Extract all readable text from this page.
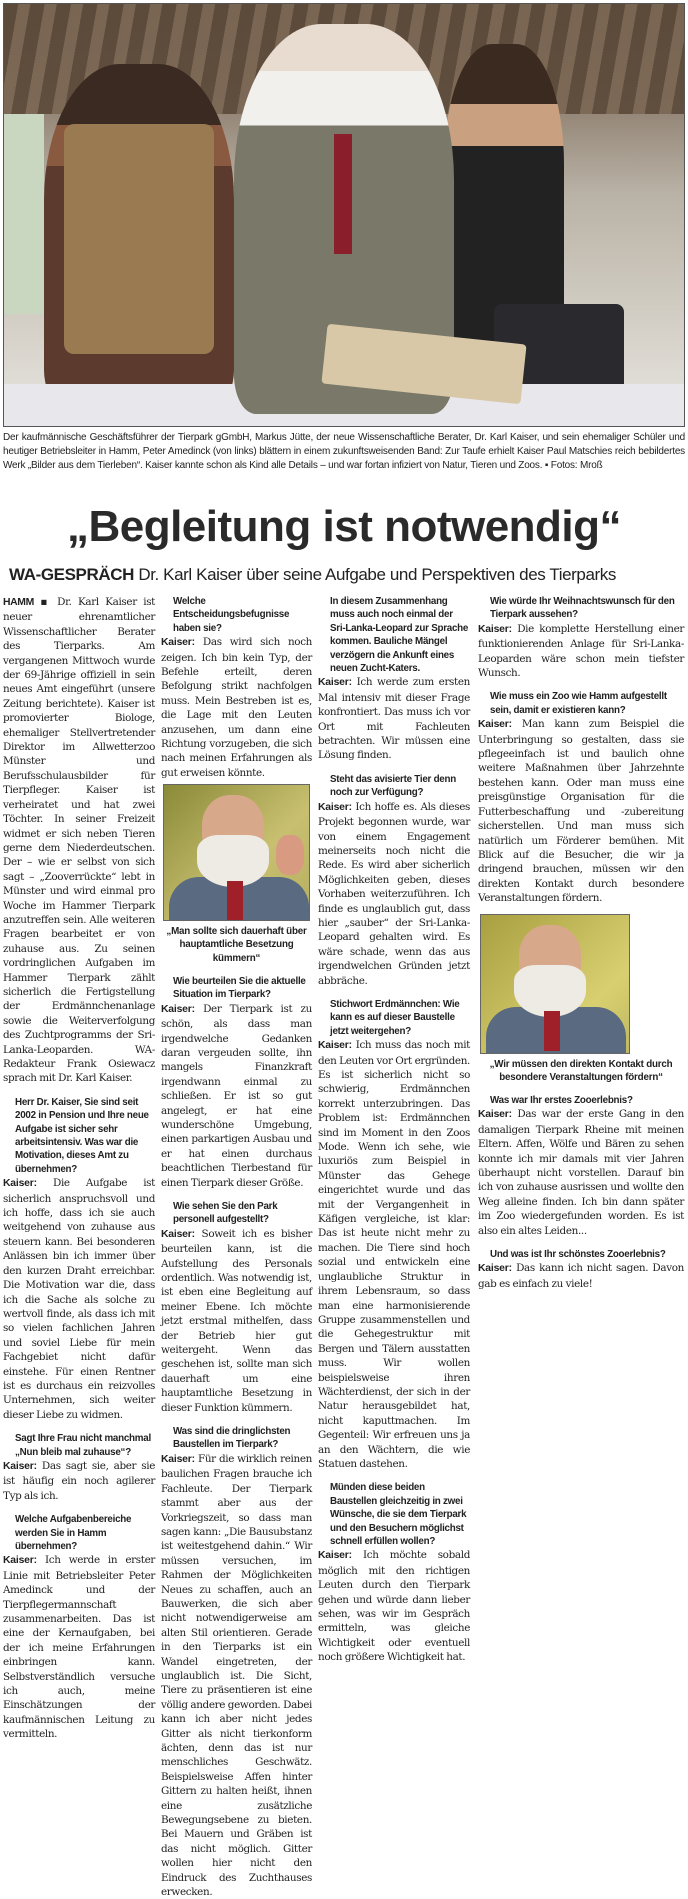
Der kaufmännische Geschäftsführer der Tierpark gGmbH, Markus Jütte, der neue Wissenschaftliche Berater, Dr. Karl Kaiser, und sein ehemaliger Schüler und heutiger Betriebsleiter in Hamm, Peter Amedinck (von links) blättern in einem zukunftsweisenden Band: Zur Taufe erhielt Kaiser Paul Matschies reich bebildertes Werk „Bilder aus dem Tierleben“. Kaiser kannte schon als Kind alle Details – und war fortan infiziert von Natur, Tieren und Zoos. ▪ Fotos: Mroß
„Begleitung ist notwendig“
WA-GESPRÄCH Dr. Karl Kaiser über seine Aufgabe und Perspektiven des Tierparks

HAMM ▪ Dr. Karl Kaiser ist neuer ehrenamtlicher Wissenschaftlicher Berater des Tierparks. Am vergangenen Mittwoch wurde der 69-Jährige offiziell in sein neues Amt eingeführt (unsere Zeitung berichtete). Kaiser ist promovierter Biologe, ehemaliger Stellvertretender Direktor im Allwetterzoo Münster und Berufsschulausbilder für Tierpfleger. Kaiser ist verheiratet und hat zwei Töchter. In seiner Freizeit widmet er sich neben Tieren gerne dem Niederdeutschen. Der – wie er selbst von sich sagt – „Zooverrückte“ lebt in Münster und wird einmal pro Woche im Hammer Tierpark anzutreffen sein. Alle weiteren Fragen bearbeitet er von zuhause aus. Zu seinen vordringlichen Aufgaben im Hammer Tierpark zählt sicherlich die Fertigstellung der Erdmännchenanlage sowie die Weiterverfolgung des Zuchtprogramms der Sri-Lanka-Leoparden. WA-Redakteur Frank Osiewacz sprach mit Dr. Karl Kaiser.

Herr Dr. Kaiser, Sie sind seit 2002 in Pension und Ihre neue Aufgabe ist sicher sehr arbeitsintensiv. Was war die Motivation, dieses Amt zu übernehmen?

Kaiser: Die Aufgabe ist sicherlich anspruchsvoll und ich hoffe, dass ich sie auch weitgehend von zuhause aus steuern kann. Bei besonderen Anlässen bin ich immer über den kurzen Draht erreichbar. Die Motivation war die, dass ich die Sache als solche zu wertvoll finde, als dass ich mit so vielen fachlichen Jahren und soviel Liebe für mein Fachgebiet nicht dafür einstehe. Für einen Rentner ist es durchaus ein reizvolles Unternehmen, sich weiter dieser Liebe zu widmen.

Sagt Ihre Frau nicht manchmal „Nun bleib mal zuhause“?

Kaiser: Das sagt sie, aber sie ist häufig ein noch agilerer Typ als ich.

Welche Aufgabenbereiche werden Sie in Hamm übernehmen?

Kaiser: Ich werde in erster Linie mit Betriebsleiter Peter Amedinck und der Tierpflegermannschaft zusammenarbeiten. Das ist eine der Kernaufgaben, bei der ich meine Erfahrungen einbringen kann. Selbstverständlich versuche ich auch, meine Einschätzungen der kaufmännischen Leitung zu vermitteln.

Welche Entscheidungsbefugnisse haben sie?

Kaiser: Das wird sich noch zeigen. Ich bin kein Typ, der Befehle erteilt, deren Befolgung strikt nachfolgen muss. Mein Bestreben ist es, die Lage mit den Leuten anzusehen, um dann eine Richtung vorzugeben, die sich nach meinen Erfahrungen als gut erweisen könnte.

„Man sollte sich dauerhaft über hauptamtliche Besetzung kümmern“

Wie beurteilen Sie die aktuelle Situation im Tierpark?

Kaiser: Der Tierpark ist zu schön, als dass man irgendwelche Gedanken daran vergeuden sollte, ihn mangels Finanzkraft irgendwann einmal zu schließen. Er ist so gut angelegt, er hat eine wunderschöne Umgebung, einen parkartigen Ausbau und er hat einen durchaus beachtlichen Tierbestand für einen Tierpark dieser Größe.

Wie sehen Sie den Park personell aufgestellt?

Kaiser: Soweit ich es bisher beurteilen kann, ist die Aufstellung des Personals ordentlich. Was notwendig ist, ist eben eine Begleitung auf meiner Ebene. Ich möchte jetzt erstmal mithelfen, dass der Betrieb hier gut weitergeht. Wenn das geschehen ist, sollte man sich dauerhaft um eine hauptamtliche Besetzung in dieser Funktion kümmern.

Was sind die dringlichsten Baustellen im Tierpark?

Kaiser: Für die wirklich reinen baulichen Fragen brauche ich Fachleute. Der Tierpark stammt aber aus der Vorkriegszeit, so dass man sagen kann: „Die Bausubstanz ist weitestgehend dahin.“ Wir müssen versuchen, im Rahmen der Möglichkeiten Neues zu schaffen, auch an Bauwerken, die sich aber nicht notwendigerweise am alten Stil orientieren. Gerade in den Tierparks ist ein Wandel eingetreten, der unglaublich ist. Die Sicht, Tiere zu präsentieren ist eine völlig andere geworden. Dabei kann ich aber nicht jedes Gitter als nicht tierkonform ächten, denn das ist nur menschliches Geschwätz. Beispielsweise Affen hinter Gittern zu halten heißt, ihnen eine zusätzliche Bewegungsebene zu bieten. Bei Mauern und Gräben ist das nicht möglich. Gitter wollen hier nicht den Eindruck des Zuchthauses erwecken.

In diesem Zusammenhang muss auch noch einmal der Sri-Lanka-Leopard zur Sprache kommen. Bauliche Mängel verzögern die Ankunft eines neuen Zucht-Katers.

Kaiser: Ich werde zum ersten Mal intensiv mit dieser Frage konfrontiert. Das muss ich vor Ort mit Fachleuten betrachten. Wir müssen eine Lösung finden.

Steht das avisierte Tier denn noch zur Verfügung?

Kaiser: Ich hoffe es. Als dieses Projekt begonnen wurde, war von einem Engagement meinerseits noch nicht die Rede. Es wird aber sicherlich Möglichkeiten geben, dieses Vorhaben weiterzuführen. Ich finde es unglaublich gut, dass hier „sauber“ der Sri-Lanka-Leopard gehalten wird. Es wäre schade, wenn das aus irgendwelchen Gründen jetzt abbräche.

Stichwort Erdmännchen: Wie kann es auf dieser Baustelle jetzt weitergehen?

Kaiser: Ich muss das noch mit den Leuten vor Ort ergründen. Es ist sicherlich nicht so schwierig, Erdmännchen korrekt unterzubringen. Das Problem ist: Erdmännchen sind im Moment in den Zoos Mode. Wenn ich sehe, wie luxuriös zum Beispiel in Münster das Gehege eingerichtet wurde und das mit der Vergangenheit in Käfigen vergleiche, ist klar: Das ist heute nicht mehr zu machen. Die Tiere sind hoch sozial und entwickeln eine unglaubliche Struktur in ihrem Lebensraum, so dass man eine harmonisierende Gruppe zusammenstellen und die Gehegestruktur mit Bergen und Tälern ausstatten muss. Wir wollen beispielsweise ihren Wächterdienst, der sich in der Natur herausgebildet hat, nicht kaputtmachen. Im Gegenteil: Wir erfreuen uns ja an den Wächtern, die wie Statuen dastehen.

Münden diese beiden Baustellen gleichzeitig in zwei Wünsche, die sie dem Tierpark und den Besuchern möglichst schnell erfüllen wollen?

Kaiser: Ich möchte sobald möglich mit den richtigen Leuten durch den Tierpark gehen und würde dann lieber sehen, was wir im Gespräch ermitteln, was gleiche Wichtigkeit oder eventuell noch größere Wichtigkeit hat.

Wie würde Ihr Weihnachtswunsch für den Tierpark aussehen?

Kaiser: Die komplette Herstellung einer funktionierenden Anlage für Sri-Lanka-Leoparden wäre schon mein tiefster Wunsch.

Wie muss ein Zoo wie Hamm aufgestellt sein, damit er existieren kann?

Kaiser: Man kann zum Beispiel die Unterbringung so gestalten, dass sie pflegeeinfach ist und baulich ohne weitere Maßnahmen über Jahrzehnte bestehen kann. Oder man muss eine preisgünstige Organisation für die Futterbeschaffung und -zubereitung sicherstellen. Und man muss sich natürlich um Förderer bemühen. Mit Blick auf die Besucher, die wir ja dringend brauchen, müssen wir den direkten Kontakt durch besondere Veranstaltungen fördern.

„Wir müssen den direkten Kontakt durch besondere Veranstaltungen fördern“

Was war Ihr erstes Zooerlebnis?

Kaiser: Das war der erste Gang in den damaligen Tierpark Rheine mit meinen Eltern. Affen, Wölfe und Bären zu sehen konnte ich mir damals mit vier Jahren überhaupt nicht vorstellen. Darauf bin ich von zuhause ausrissen und wollte den Weg alleine finden. Ich bin dann später im Zoo wiedergefunden worden. Es ist also ein altes Leiden...

Und was ist Ihr schönstes Zooerlebnis?

Kaiser: Das kann ich nicht sagen. Davon gab es einfach zu viele!
